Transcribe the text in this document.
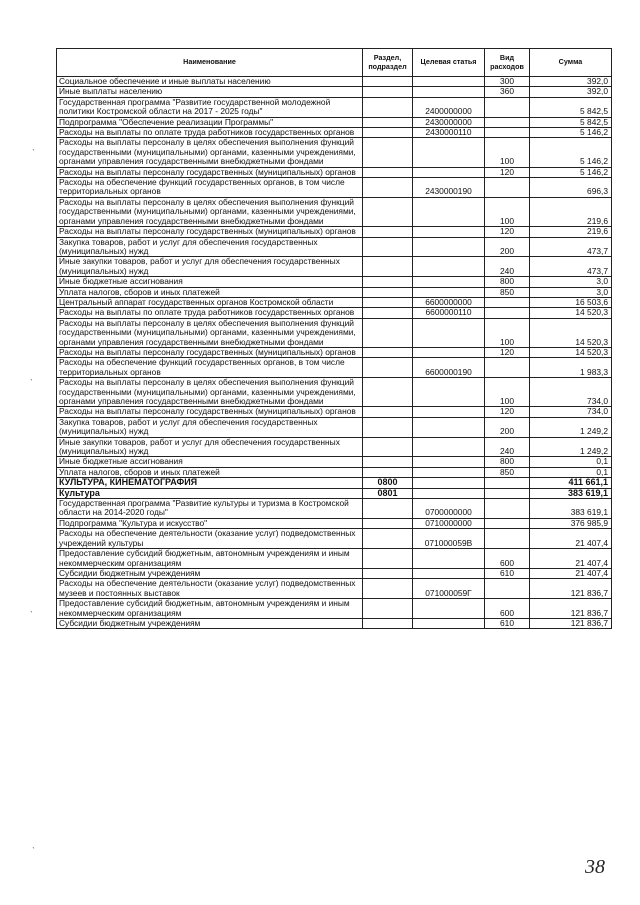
Наименование	Раздел, подраздел	Целевая статья	Вид расходов	Сумма
Социальное обеспечение и иные выплаты населению			300	392,0
Иные выплаты населению			360	392,0
Государственная программа "Развитие государственной молодежной политики Костромской области на 2017 - 2025 годы"		2400000000		5 842,5
Подпрограмма "Обеспечение реализации Программы"		2430000000		5 842,5
Расходы на выплаты по оплате труда работников государственных органов		2430000110		5 146,2
Расходы на выплаты персоналу в целях обеспечения выполнения функций государственными (муниципальными) органами, казенными учреждениями, органами управления государственными внебюджетными фондами			100	5 146,2
Расходы на выплаты персоналу государственных (муниципальных) органов			120	5 146,2
Расходы на обеспечение функций государственных органов, в том числе территориальных органов		2430000190		696,3
Расходы на выплаты персоналу в целях обеспечения выполнения функций государственными (муниципальными) органами, казенными учреждениями, органами управления государственными внебюджетными фондами			100	219,6
Расходы на выплаты персоналу государственных (муниципальных) органов			120	219,6
Закупка товаров, работ и услуг для обеспечения государственных (муниципальных) нужд			200	473,7
Иные закупки товаров, работ и услуг для обеспечения государственных (муниципальных) нужд			240	473,7
Иные бюджетные ассигнования			800	3,0
Уплата налогов, сборов и иных платежей			850	3,0
Центральный аппарат государственных органов Костромской области		6600000000		16 503,6
Расходы на выплаты по оплате труда работников государственных органов		6600000110		14 520,3
Расходы на выплаты персоналу в целях обеспечения выполнения функций государственными (муниципальными) органами, казенными учреждениями, органами управления государственными внебюджетными фондами			100	14 520,3
Расходы на выплаты персоналу государственных (муниципальных) органов			120	14 520,3
Расходы на обеспечение функций государственных органов, в том числе территориальных органов		6600000190		1 983,3
Расходы на выплаты персоналу в целях обеспечения выполнения функций государственными (муниципальными) органами, казенными учреждениями, органами управления государственными внебюджетными фондами			100	734,0
Расходы на выплаты персоналу государственных (муниципальных) органов			120	734,0
Закупка товаров, работ и услуг для обеспечения государственных (муниципальных) нужд			200	1 249,2
Иные закупки товаров, работ и услуг для обеспечения государственных (муниципальных) нужд			240	1 249,2
Иные бюджетные ассигнования			800	0,1
Уплата налогов, сборов и иных платежей			850	0,1
КУЛЬТУРА, КИНЕМАТОГРАФИЯ	0800			411 661,1
Культура	0801			383 619,1
Государственная программа "Развитие культуры и туризма в Костромской области на 2014-2020 годы"		0700000000		383 619,1
Подпрограмма "Культура и искусство"		0710000000		376 985,9
Расходы на обеспечение деятельности (оказание услуг) подведомственных учреждений культуры		071000059В		21 407,4
Предоставление субсидий бюджетным, автономным учреждениям и иным некоммерческим организациям			600	21 407,4
Субсидии бюджетным учреждениям			610	21 407,4
Расходы на обеспечение деятельности (оказание услуг) подведомственных музеев и постоянных выставок		071000059Г		121 836,7
Предоставление субсидий бюджетным, автономным учреждениям и иным некоммерческим организациям			600	121 836,7
Субсидии бюджетным учреждениям			610	121 836,7
ˋ
ˋ
ˋ
ˋ
38
